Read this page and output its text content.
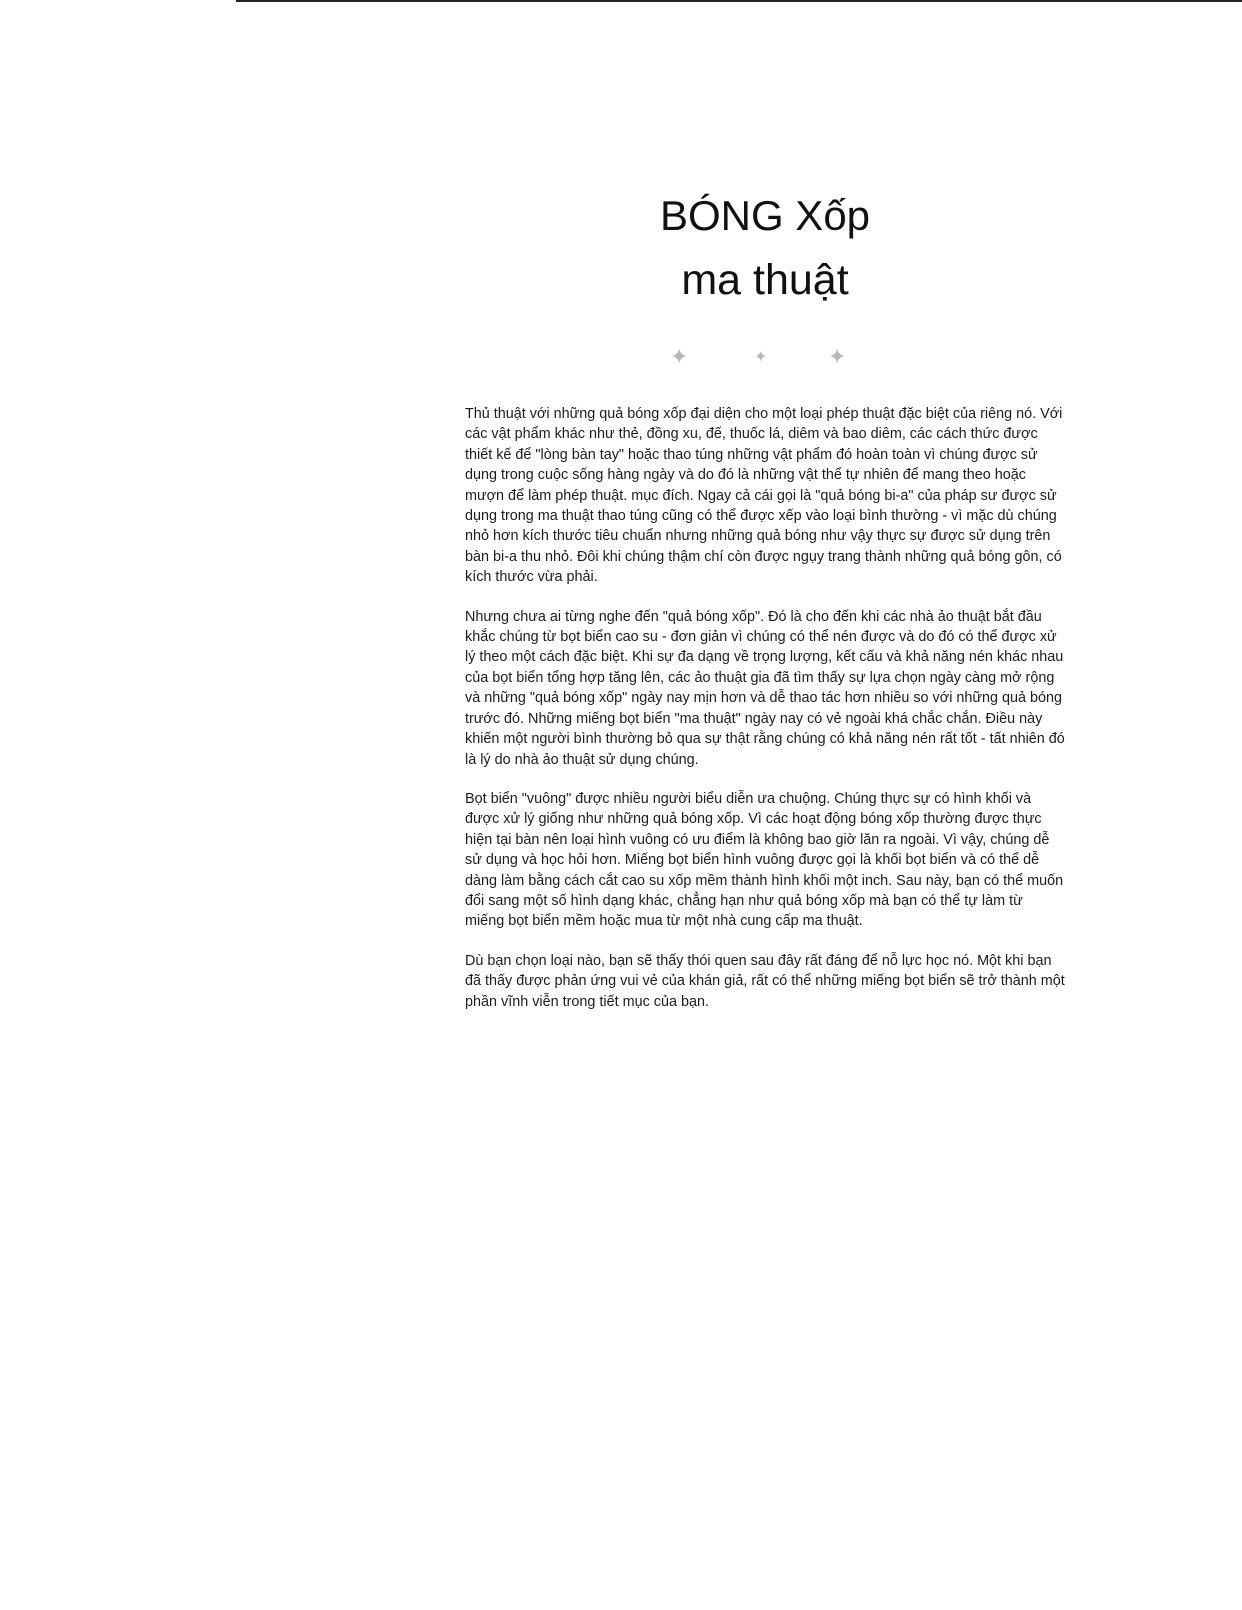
BÓNG Xốp
ma thuật
✦	✦	✦

Thủ thuật với những quả bóng xốp đại diện cho một loại phép thuật đặc biệt của riêng nó. Với các vật phẩm khác như thẻ, đồng xu, đế, thuốc lá, diêm và bao diêm, các cách thức được thiết kế để "lòng bàn tay" hoặc thao túng những vật phẩm đó hoàn toàn vì chúng được sử dụng trong cuộc sống hàng ngày và do đó là những vật thể tự nhiên để mang theo hoặc mượn để làm phép thuật. mục đích. Ngay cả cái gọi là "quả bóng bi-a" của pháp sư được sử dụng trong ma thuật thao túng cũng có thể được xếp vào loại bình thường - vì mặc dù chúng nhỏ hơn kích thước tiêu chuẩn nhưng những quả bóng như vậy thực sự được sử dụng trên bàn bi-a thu nhỏ. Đôi khi chúng thậm chí còn được ngụy trang thành những quả bóng gôn, có kích thước vừa phải.

Nhưng chưa ai từng nghe đến "quả bóng xốp". Đó là cho đến khi các nhà ảo thuật bắt đầu khắc chúng từ bọt biển cao su - đơn giản vì chúng có thể nén được và do đó có thể được xử lý theo một cách đặc biệt. Khi sự đa dạng về trọng lượng, kết cấu và khả năng nén khác nhau của bọt biển tổng hợp tăng lên, các ảo thuật gia đã tìm thấy sự lựa chọn ngày càng mở rộng và những "quả bóng xốp" ngày nay mịn hơn và dễ thao tác hơn nhiều so với những quả bóng trước đó. Những miếng bọt biển "ma thuật" ngày nay có vẻ ngoài khá chắc chắn. Điều này khiến một người bình thường bỏ qua sự thật rằng chúng có khả năng nén rất tốt - tất nhiên đó là lý do nhà ảo thuật sử dụng chúng.

Bọt biển "vuông" được nhiều người biểu diễn ưa chuộng. Chúng thực sự có hình khối và được xử lý giống như những quả bóng xốp. Vì các hoạt động bóng xốp thường được thực hiện tại bàn nên loại hình vuông có ưu điểm là không bao giờ lăn ra ngoài. Vì vậy, chúng dễ sử dụng và học hỏi hơn. Miếng bọt biển hình vuông được gọi là khối bọt biển và có thể dễ dàng làm bằng cách cắt cao su xốp mềm thành hình khối một inch. Sau này, bạn có thể muốn đổi sang một số hình dạng khác, chẳng hạn như quả bóng xốp mà bạn có thể tự làm từ miếng bọt biển mềm hoặc mua từ một nhà cung cấp ma thuật.

Dù bạn chọn loại nào, bạn sẽ thấy thói quen sau đây rất đáng để nỗ lực học nó. Một khi bạn đã thấy được phản ứng vui vẻ của khán giả, rất có thể những miếng bọt biển sẽ trở thành một phần vĩnh viễn trong tiết mục của bạn.
